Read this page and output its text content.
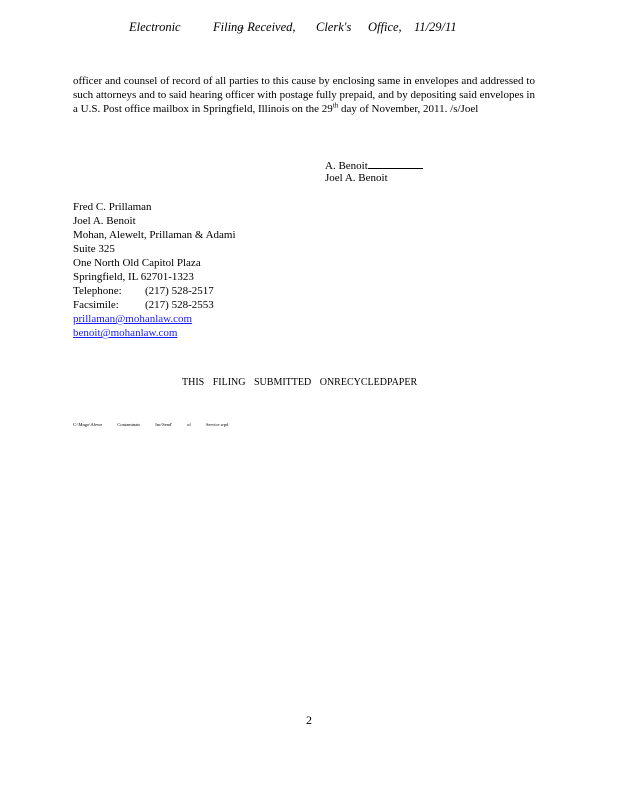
Electronic	Filing
- Received, Clerk's Office, 11/29/11
officer and counsel of record of all parties to this cause by enclosing same in envelopes and addressed to such attorneys and to said hearing officer with postage fully prepaid, and by depositing said envelopes in a U.S. Post office mailbox in Springfield, Illinois on the 29th day of November, 2011. /s/Joel
A. Benoit
Joel A. Benoit
Fred C. Prillaman
Joel A. Benoit
Mohan, Alewelt, Prillaman & Adami
Suite 325
One North Old Capitol Plaza
Springfield, IL 62701-1323
Telephone: (217) 528-2517
Facsimile: (217) 528-2553
prillaman@mohanlaw.com
benoit@mohanlaw.com
THIS FILING SUBMITTED ONRECYCLEDPAPER
C:\Mngo\Alewe Contaminats Inc\Send' of Service.wpd
2
